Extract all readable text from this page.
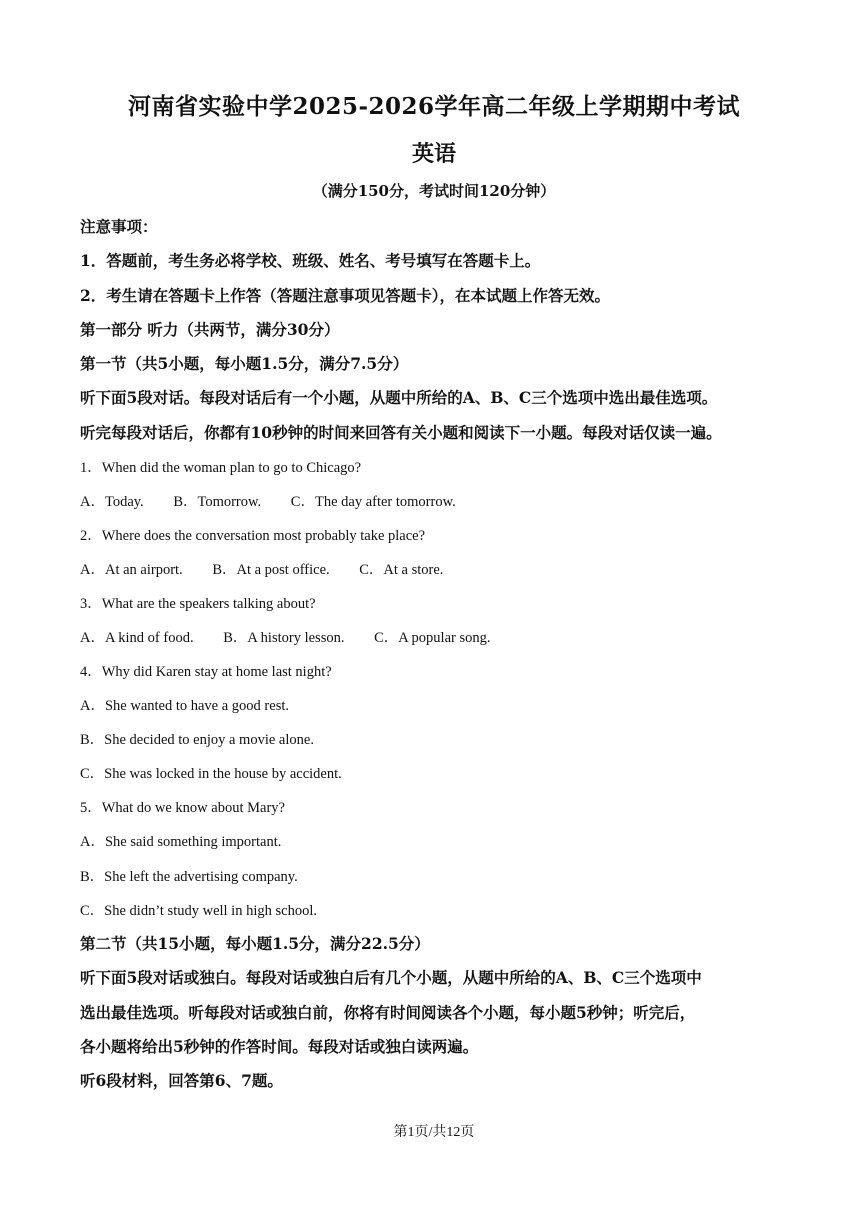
河南省实验中学2025-2026学年高二年级上学期期中考试
英语
（满分150分，考试时间120分钟）
注意事项：
1．答题前，考生务必将学校、班级、姓名、考号填写在答题卡上。
2．考生请在答题卡上作答（答题注意事项见答题卡），在本试题上作答无效。
第一部分 听力（共两节，满分30分）
第一节（共5小题，每小题1.5分，满分7.5分）
听下面5段对话。每段对话后有一个小题，从题中所给的A、B、C三个选项中选出最佳选项。
听完每段对话后，你都有10秒钟的时间来回答有关小题和阅读下一小题。每段对话仅读一遍。
1．When did the woman plan to go to Chicago?
A．Today. B．Tomorrow. C．The day after tomorrow.
2．Where does the conversation most probably take place?
A．At an airport. B．At a post office. C．At a store.
3．What are the speakers talking about?
A．A kind of food. B．A history lesson. C．A popular song.
4．Why did Karen stay at home last night?
A．She wanted to have a good rest.
B．She decided to enjoy a movie alone.
C．She was locked in the house by accident.
5．What do we know about Mary?
A．She said something important.
B．She left the advertising company.
C．She didn’t study well in high school.
第二节（共15小题，每小题1.5分，满分22.5分）
听下面5段对话或独白。每段对话或独白后有几个小题，从题中所给的A、B、C三个选项中
选出最佳选项。听每段对话或独白前，你将有时间阅读各个小题，每小题5秒钟；听完后，
各小题将给出5秒钟的作答时间。每段对话或独白读两遍。
听6段材料，回答第6、7题。
第1页/共12页
